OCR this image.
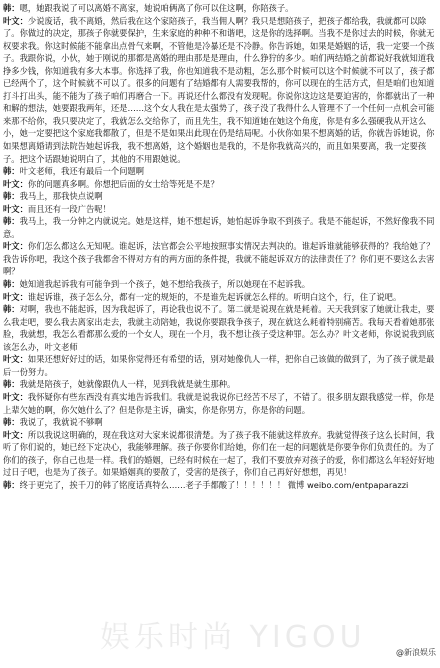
韩：嗯，她跟我说了可以离婚不离家，她说咱俩离了你可以住这啊，你陪孩子。

叶文：少说废话，我不离婚，然后我在这个家陪孩子，我当佣人啊？我只是想陪孩子，把孩子都给我，我就都可以除了。你做过的决定，那孩子你就要保护，生来家庭的种种不和谐吧，这是你的选择啊。当我不是你过去的时候，你就无权要求我。你这时候能不能拿出点骨气来啊，不管他是冷暴还是不冷静。你告诉她，如果是婚姻的话，我一定要一个孩子。我跟你说，小伙，她于刚说的那都是离婚的理由那是是理由，什么狰狞的多少。咱们两结婚之前都说好我就知道我挣多少钱，你知道我有多大本事。你选择了我，你也知道我不是动粗，怎么那个时候可以这个时候就不可以了，孩子都已经两个了，这个时候就不可以了。很多的问题有了结婚都有人需要我帮的，你可以现在的生活方式，但是咱们也知道打斗打出头，能不能为了孩子咱们再磨合一下。再说还什么都没有发现呢。你说你这边这是要迫害的，你都就出了一种和解的想法，她要跟我两年，还是……这个女人我在是太强势了，孩子没了我得什么人管理不了一个任何一点机会可能来那不给你，我只要决定了，我就怎么交给你了，而且先生，我不知道她在她这个角度，你是有多么强硬我从开这么小，她一定要把这个家庭我都散了，但是不是如果出此现在仍是结局呢。小伙你如果不想离婚的话，你就告诉她说，你如果想离婚请到法院告她起诉我，我不想离婚，这个婚姻也是我的，不是你我就高兴的，而且如果要离，我一定要孩子。把这个话跟她说明白了，其他的不用跟她说。

韩：叶文老师，我还有最后一个问题啊

叶文：你的问题真多啊。你想把后面的女士给等死是不是？

韩：我马上，那我快点说啊

叶文：而且还有一段广告呢！

韩：我马上，我一分钟之内就说完。她是这样，她不想起诉，她怕起诉争取不到孩子。我是不能起诉，不然好像我不同意。

叶文：你们怎么都这么无知呢。谁起诉，法官都会公平地按照事实情况去判决的。谁起诉谁就能够获得的？我给她了？我告诉你吧，我这个孩子我都舍不得对方有的两方面的条件提，我就不能起诉双方的法律责任了？你们更不要这么去害啊？

韩：她知道我起诉我有可能争到一个孩子，她不想给我孩子，所以她现在不起诉我。

叶文：谁起诉谁，孩子怎么分，都有一定的规矩的，不是谁先起诉就怎么样的。听明白这个，行，住了说吧。

韩：对啊，我也不能起诉，因为我起诉了，再论我也说不了。第二就是说现在就是耗着。天天我到家了她就让我走，要么我走吧，要么我去离家出走去，我就主动陪她，我说你要跟我争孩子，现在就这么耗着特别痛苦。我每天看着她那张脸，我就想，我怎么看都那么爱的一个女人，现在一个月，我不想让孩子受这种罪。怎么办？叶文老师，你说说我到底该怎么办，叶文老师

叶文：如果还想好好过的话，如果你觉得还有希望的话，别对她像仇人一样，把你自己该做的做到了，为了孩子就是最后一份努力。

韩：我就是陪孩子，她就像跟仇人一样，见到我就是就生那种。

叶文：我怀疑你有些东西没有真实地告诉我们。我就是说我说你已经苦不尽了，不错了。很多朋友跟我感觉一样，你是上辈欠她的啊，你欠她什么了？但是你是主诉，确实，你是你男方，你是你的问题。

韩：我说了，我就说不够啊

叶文：所以我说这明确的，现在我这对大家来说都很清楚。为了孩子我不能就这样放弃。我就觉得孩子这么长时间，我听了你们说的，她已经下定决心，我能够理解。孩子你要你们给她，你们在一起的问题就是你要争你们负责任的。为了你们的孩子，你自己也是一样。我们的婚姻，已经有时候在一起了，我们不要放弃对孩子的爱，你们都这么年轻好好地过日子吧，也是为了孩子。如果婚姻真的要散了，受害的是孩子，你们自己再好好想想，再见！

韩：终于更完了，挨千刀的韩了铭度话真特么……老子手都酸了！！！！！！ 微博 weibo.com/entpaparazzi

娱乐时尚 YIGOU	@新浪娱乐
